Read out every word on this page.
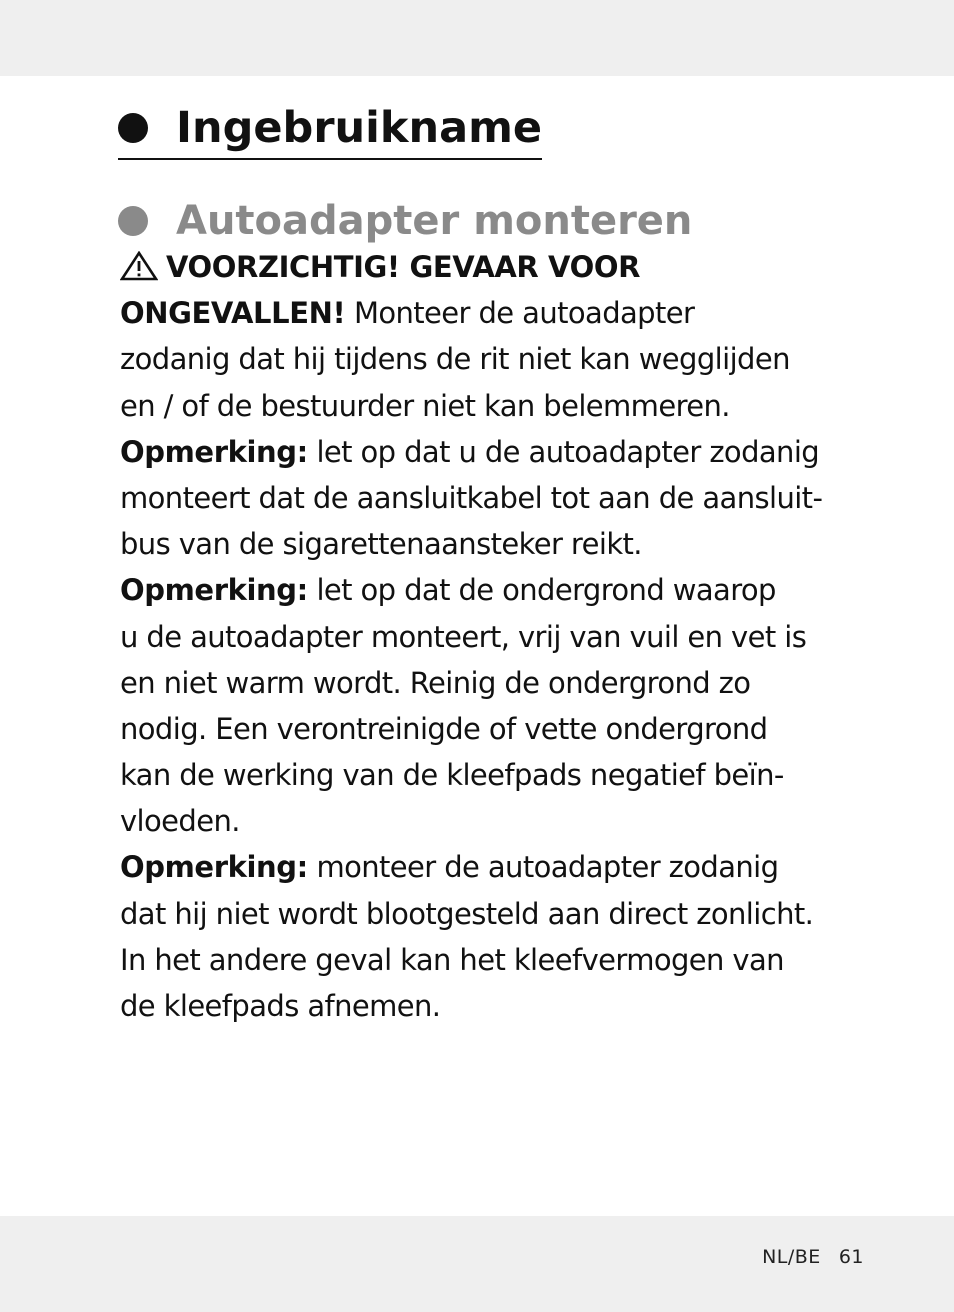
Ingebruikname
Autoadapter monteren
VOORZICHTIG! GEVAAR VOOR
ONGEVALLEN! Monteer de autoadapter
zodanig dat hij tijdens de rit niet kan wegglijden
en / of de bestuurder niet kan belemmeren.
Opmerking: let op dat u de autoadapter zodanig
monteert dat de aansluitkabel tot aan de aansluit-
bus van de sigarettenaansteker reikt.
Opmerking: let op dat de ondergrond waarop
u de autoadapter monteert, vrij van vuil en vet is
en niet warm wordt. Reinig de ondergrond zo
nodig. Een verontreinigde of vette ondergrond
kan de werking van de kleefpads negatief beïn-
vloeden.
Opmerking: monteer de autoadapter zodanig
dat hij niet wordt blootgesteld aan direct zonlicht.
In het andere geval kan het kleefvermogen van
de kleefpads afnemen.
NL/BE 61
